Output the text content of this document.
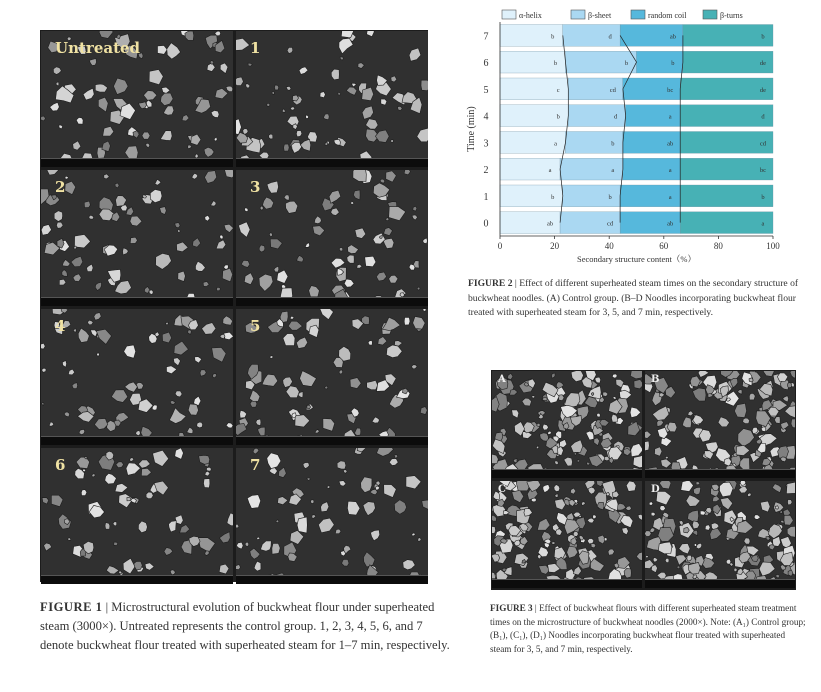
Untreated	1
2	3
4	5
6	7
FIGURE 1 | Microstructural evolution of buckwheat flour under superheated steam (3000×). Untreated represents the control group. 1, 2, 3, 4, 5, 6, and 7 denote buckwheat flour treated with superheated steam for 1–7 min, respectively.
α-helix	β-sheet	random coil	β-turns
ab	cd	ab	a
0
b	b	a	b
1
a	a	a	bc
2
a	b	ab	cd
3
b	d	a	d
4
c	cd	bc	de
5
b	b	b	de
6
b	d	ab	b
7
0	20	40	60	80	100
Secondary structure content（%）
Time (min)
FIGURE 2 | Effect of different superheated steam times on the secondary structure of buckwheat noodles. (A) Control group. (B–D Noodles incorporating buckwheat flour treated with superheated steam for 3, 5, and 7 min, respectively.
A	B
C	D
FIGURE 3 | Effect of buckwheat flours with different superheated steam treatment times on the microstructure of buckwheat noodles (2000×). Note: (A₁) Control group; (B₁), (C₁), (D₁) Noodles incorporating buckwheat flour treated with superheated steam for 3, 5, and 7 min, respectively.
